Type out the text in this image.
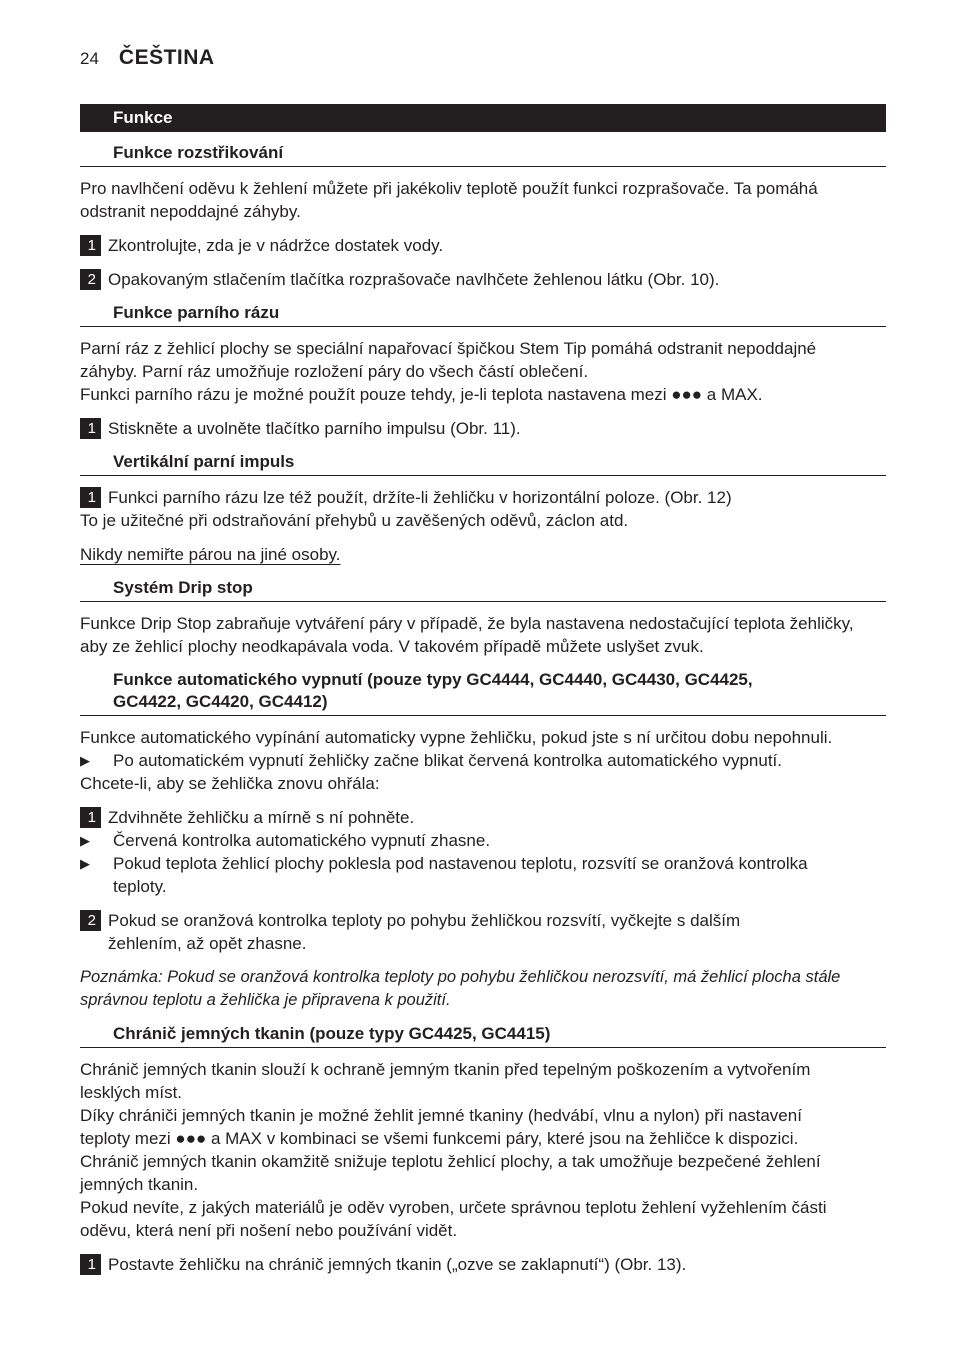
24 ČEŠTINA
Funkce
Funkce rozstřikování

Pro navlhčení oděvu k žehlení můžete při jakékoliv teplotě použít funkci rozprašovače. Ta pomáhá

odstranit nepoddajné záhyby.

1 Zkontrolujte, zda je v nádržce dostatek vody.
2 Opakovaným stlačením tlačítka rozprašovače navlhčete žehlenou látku (Obr. 10).
Funkce parního rázu

Parní ráz z žehlicí plochy se speciální napařovací špičkou Stem Tip pomáhá odstranit nepoddajné

záhyby. Parní ráz umožňuje rozložení páry do všech částí oblečení.

Funkci parního rázu je možné použít pouze tehdy, je-li teplota nastavena mezi ●●● a MAX.

1 Stiskněte a uvolněte tlačítko parního impulsu (Obr. 11).
Vertikální parní impuls
1 Funkci parního rázu lze též použít, držíte-li žehličku v horizontální poloze. (Obr. 12)
To je užitečné při odstraňování přehybů u zavěšených oděvů, záclon atd.
Nikdy nemiřte párou na jiné osoby.
Systém Drip stop

Funkce Drip Stop zabraňuje vytváření páry v případě, že byla nastavena nedostačující teplota žehličky,

aby ze žehlicí plochy neodkapávala voda. V takovém případě můžete uslyšet zvuk.

Funkce automatického vypnutí (pouze typy GC4444, GC4440, GC4430, GC4425,
GC4422, GC4420, GC4412)

Funkce automatického vypínání automaticky vypne žehličku, pokud jste s ní určitou dobu nepohnuli.

▶	Po automatickém vypnutí žehličky začne blikat červená kontrolka automatického vypnutí.

Chcete-li, aby se žehlička znovu ohřála:

1 Zdvihněte žehličku a mírně s ní pohněte.
▶	Červená kontrolka automatického vypnutí zhasne.
▶	Pokud teplota žehlicí plochy poklesla pod nastavenou teplotu, rozsvítí se oranžová kontrolka
teploty.
2 Pokud se oranžová kontrolka teploty po pohybu žehličkou rozsvítí, vyčkejte s dalším
žehlením, až opět zhasne.
Poznámka: Pokud se oranžová kontrolka teploty po pohybu žehličkou nerozsvítí, má žehlicí plocha stále
správnou teplotu a žehlička je připravena k použití.
Chránič jemných tkanin (pouze typy GC4425, GC4415)

Chránič jemných tkanin slouží k ochraně jemným tkanin před tepelným poškozením a vytvořením

lesklých míst.

Díky chrániči jemných tkanin je možné žehlit jemné tkaniny (hedvábí, vlnu a nylon) při nastavení

teploty mezi ●●● a MAX v kombinaci se všemi funkcemi páry, které jsou na žehličce k dispozici.

Chránič jemných tkanin okamžitě snižuje teplotu žehlicí plochy, a tak umožňuje bezpečené žehlení

jemných tkanin.

Pokud nevíte, z jakých materiálů je oděv vyroben, určete správnou teplotu žehlení vyžehlením části

oděvu, která není při nošení nebo používání vidět.

1 Postavte žehličku na chránič jemných tkanin („ozve se zaklapnutí“) (Obr. 13).
